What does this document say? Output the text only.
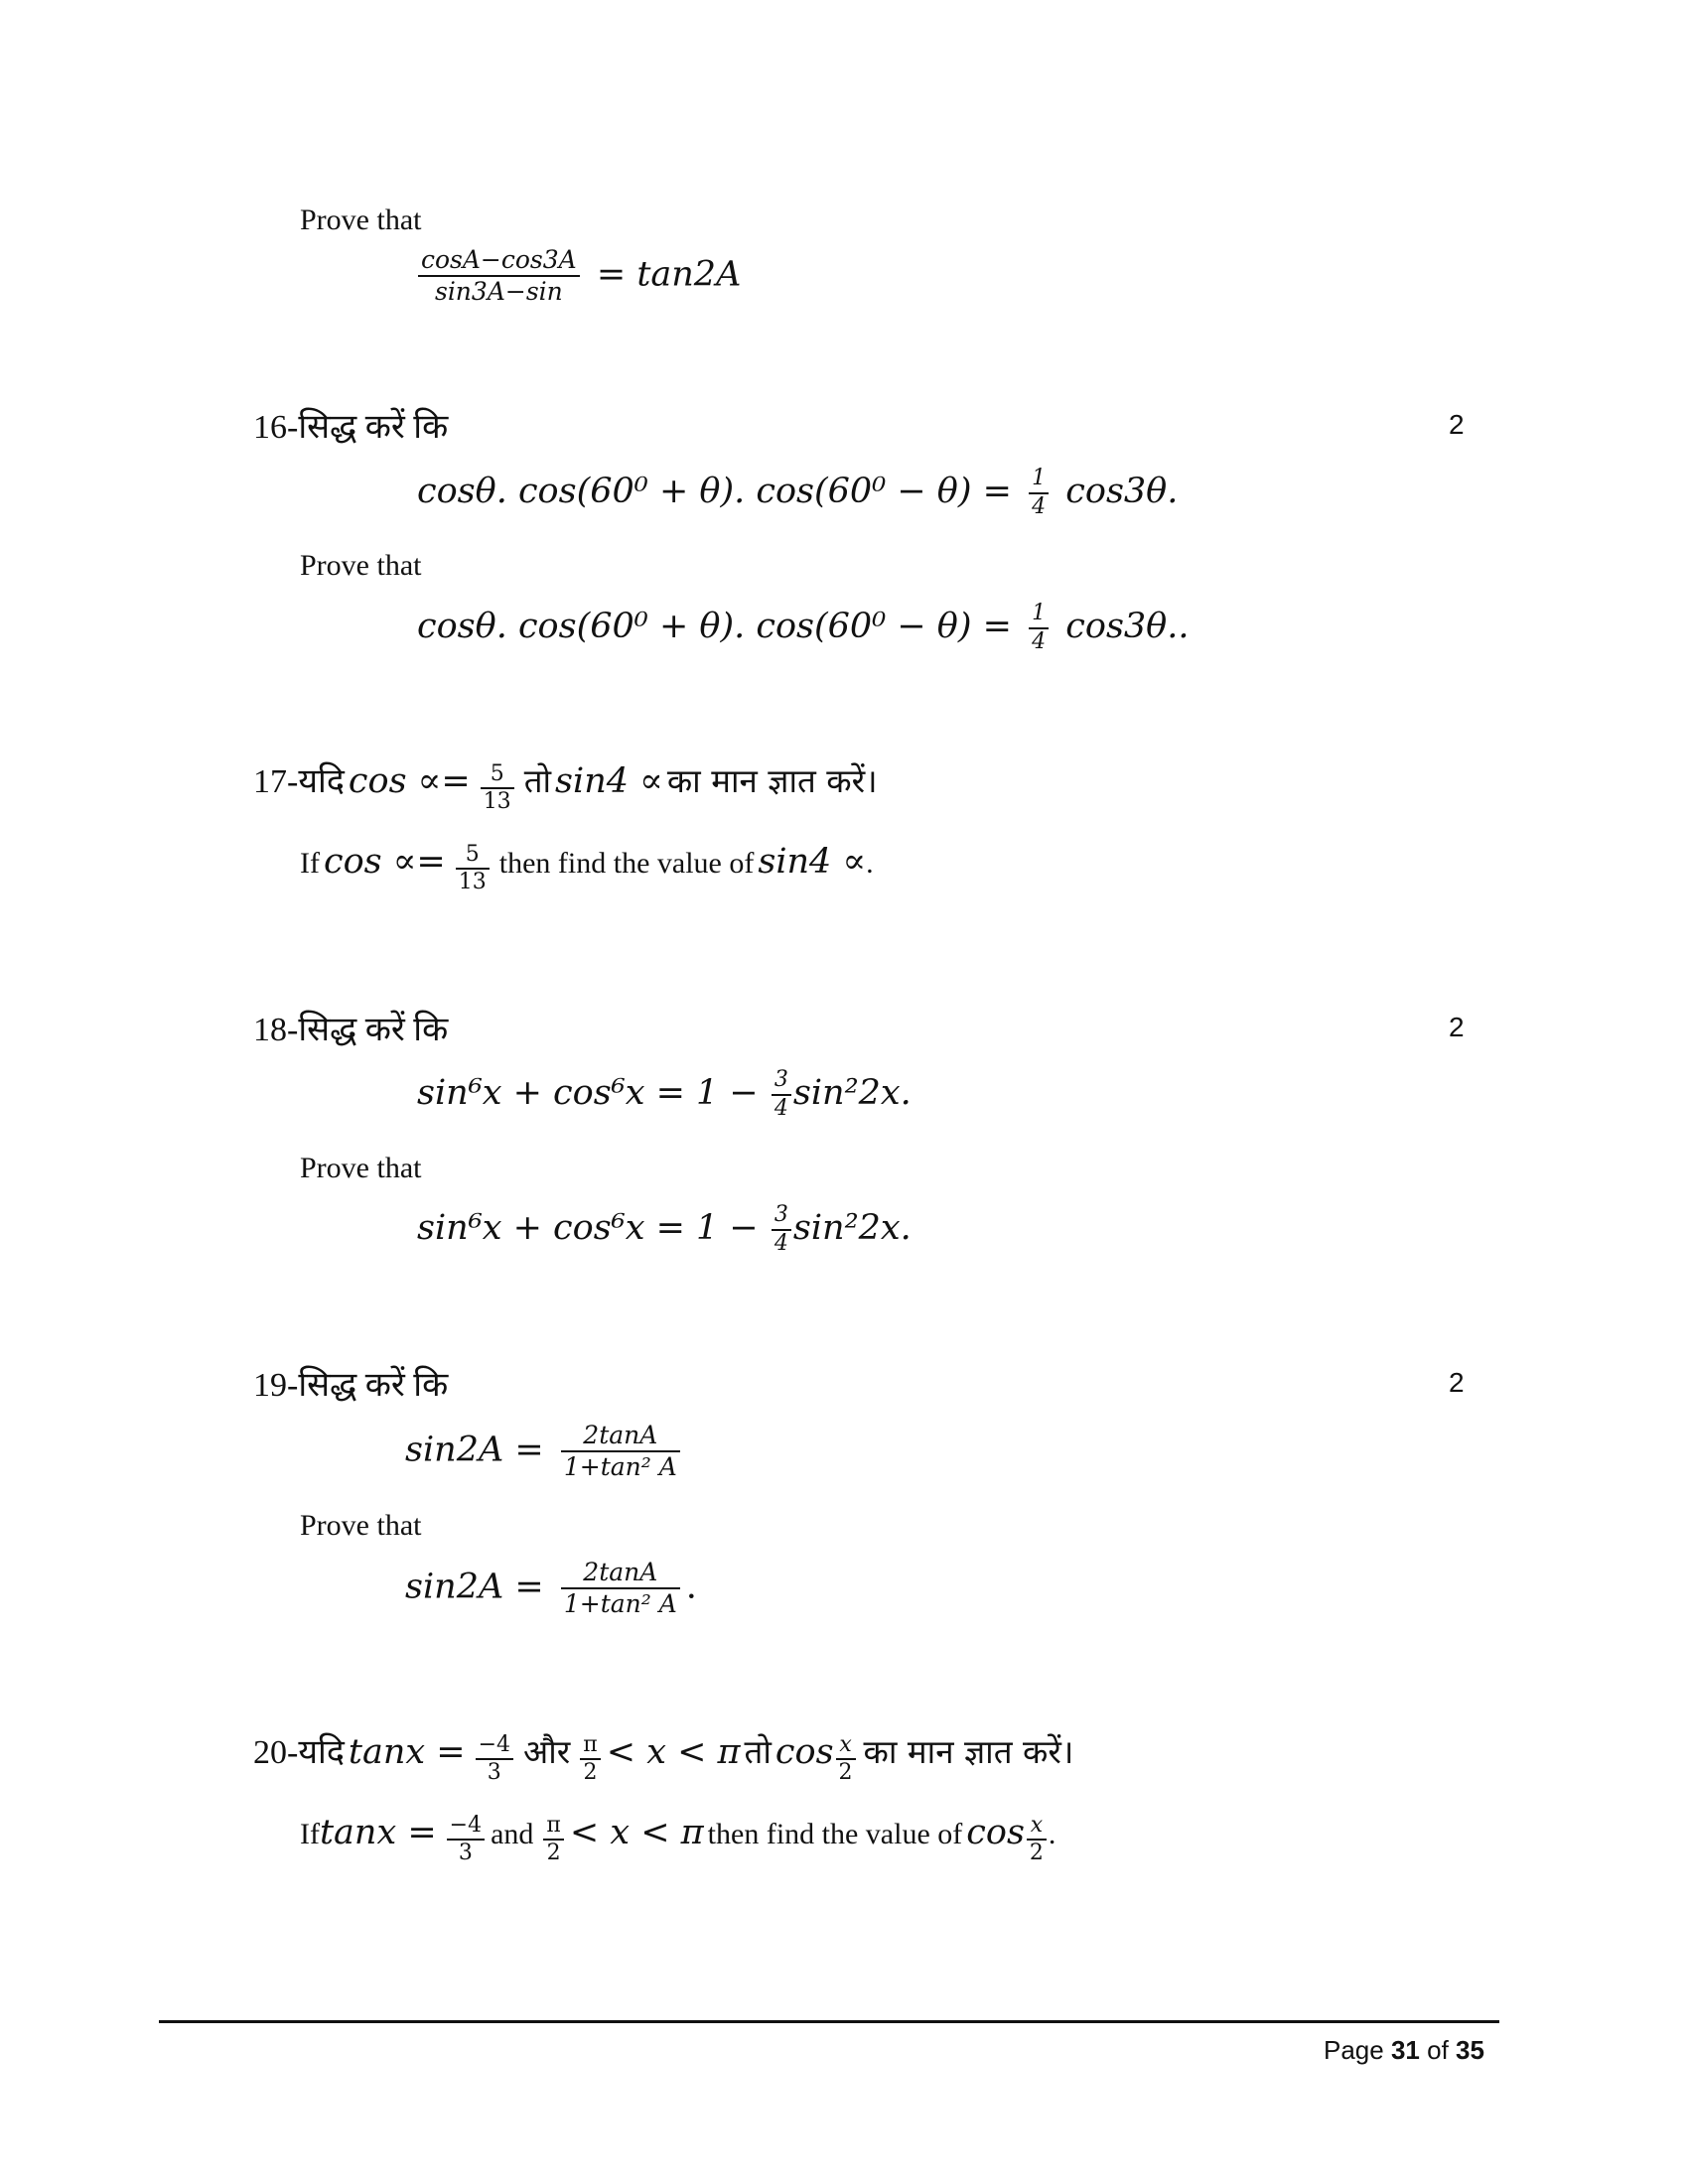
Prove that
$\frac{\cos A-\cos 3A}{\sin 3A-\sin} = \tan 2A$
16-सिद्ध करें कि	2
cosθ. cos(60⁰ + θ). $\cos(60^0 - \theta) = \frac{1}{4} \cos 3\theta$.
Prove that
cosθ. cos(60⁰ + θ). $\cos(60^0 - \theta) = \frac{1}{4} \cos 3\theta$..
17-यदि $\cos \propto= \frac{5}{13}$ तो sin4 ∝ का मान ज्ञात करें।
If $\cos \propto= \frac{5}{13}$ then find the value of sin4 ∝.
18-सिद्ध करें कि	2
$\sin^6x + \cos^6x = 1 - \frac{3}{4} \sin^22x$.
Prove that
$\sin^6x + \cos^6x = 1 - \frac{3}{4} \sin^22x$.
19-सिद्ध करें कि	2
$\sin 2A = \frac{2\tan A}{\text{1+tan² A}}$
Prove that
$\sin 2A = \frac{2\tan A}{\text{1+tan² A}}$ .
20-यदि $\tan x = \frac{-4}{3}$ और $\frac{\pi}{2} < x < \pi$ तो $\cos \frac{x}{2}$ का मान ज्ञात करें।
$Iftanx = \frac{-4}{3}$ and $\frac{\pi}{2} < x < \pi$ then find the value of $\cos \frac{x}{2}$ .
Page 31 of 35
